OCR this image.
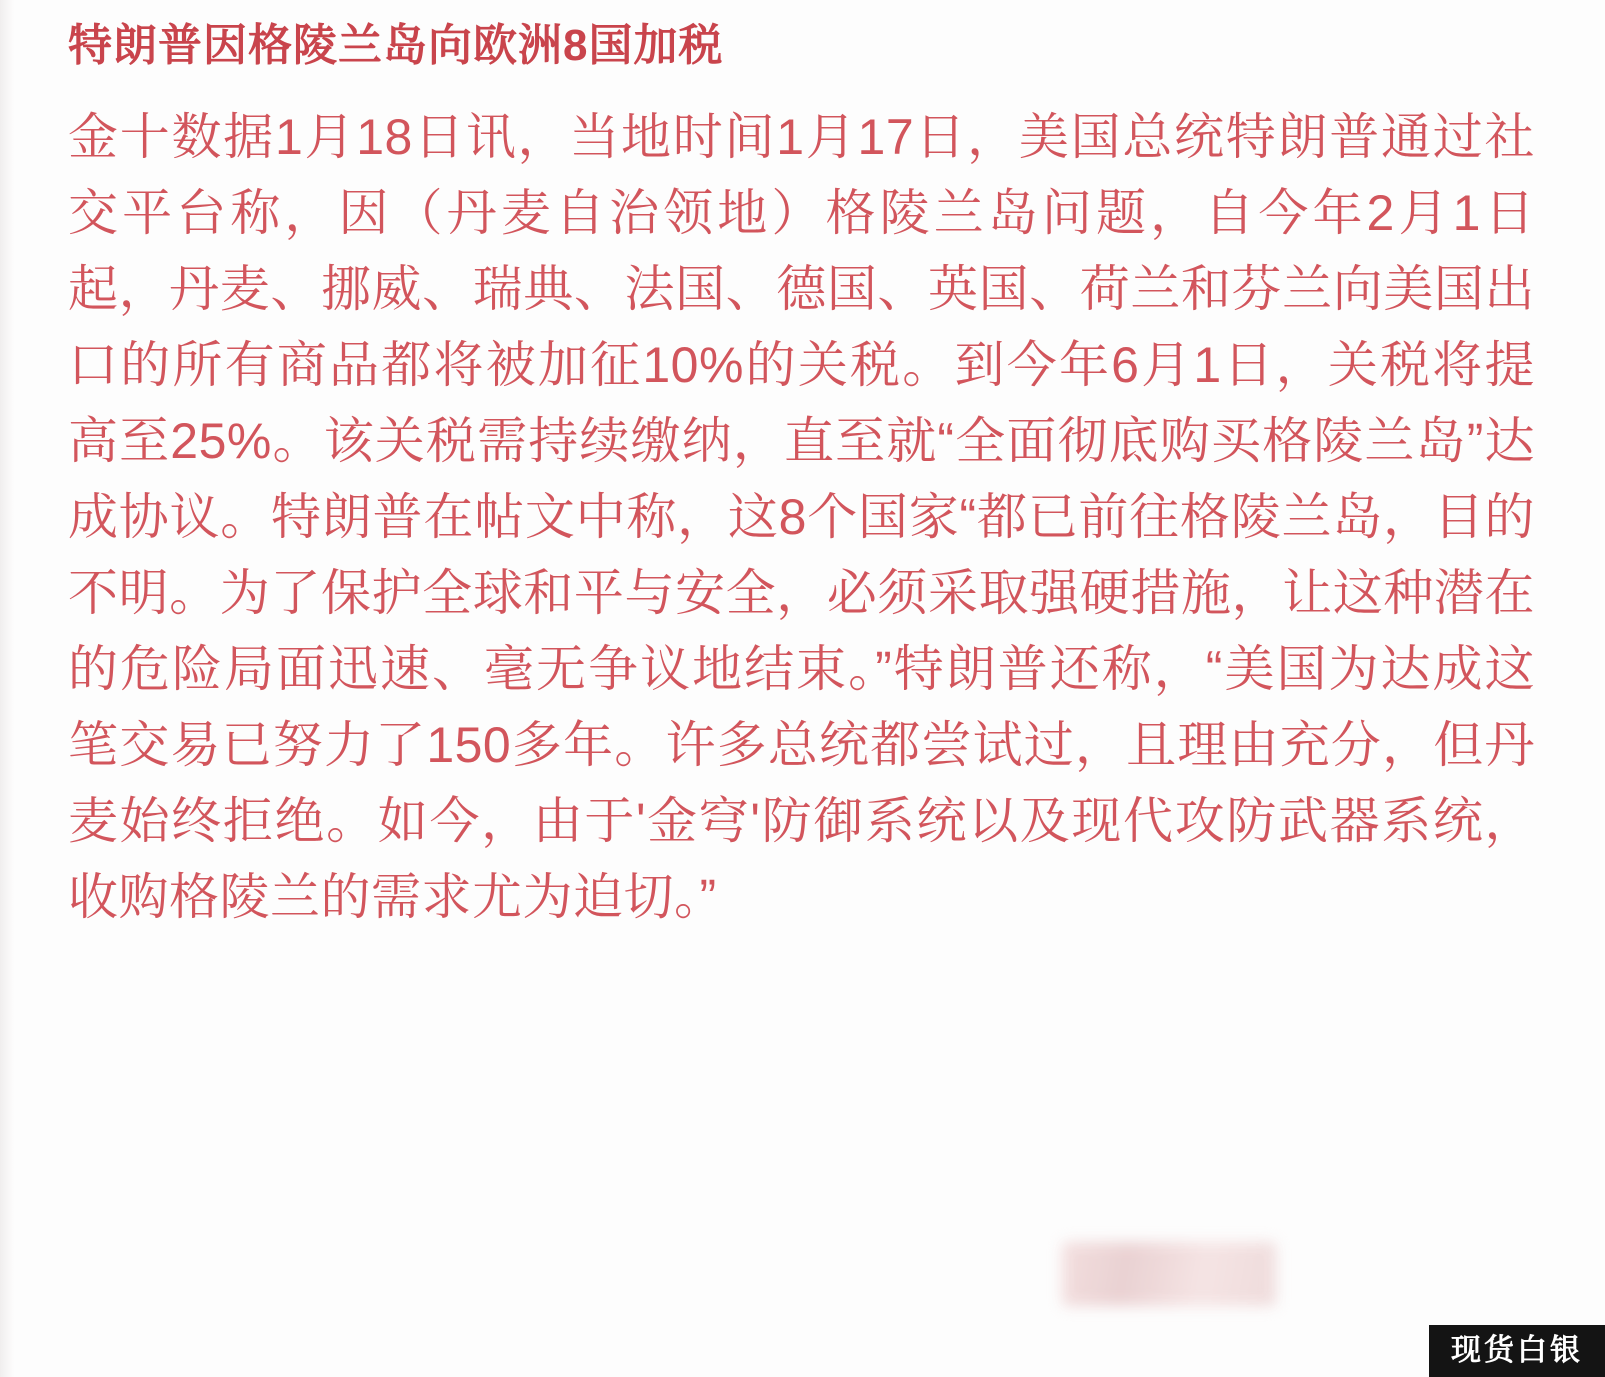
特朗普因格陵兰岛向欧洲8国加税

金十数据1月18日讯，当地时间1月17日，美国总统特朗普通过社交平台称，因（丹麦自治领地）格陵兰岛问题，自今年2月1日起，丹麦、挪威、瑞典、法国、德国、英国、荷兰和芬兰向美国出口的所有商品都将被加征10%的关税。到今年6月1日，关税将提高至25%。该关税需持续缴纳，直至就“全面彻底购买格陵兰岛”达成协议。特朗普在帖文中称，这8个国家“都已前往格陵兰岛，目的不明。为了保护全球和平与安全，必须采取强硬措施，让这种潜在的危险局面迅速、毫无争议地结束。”特朗普还称，“美国为达成这笔交易已努力了150多年。许多总统都尝试过，且理由充分，但丹麦始终拒绝。如今，由于'金穹'防御系统以及现代攻防武器系统，收购格陵兰的需求尤为迫切。”

现货白银
